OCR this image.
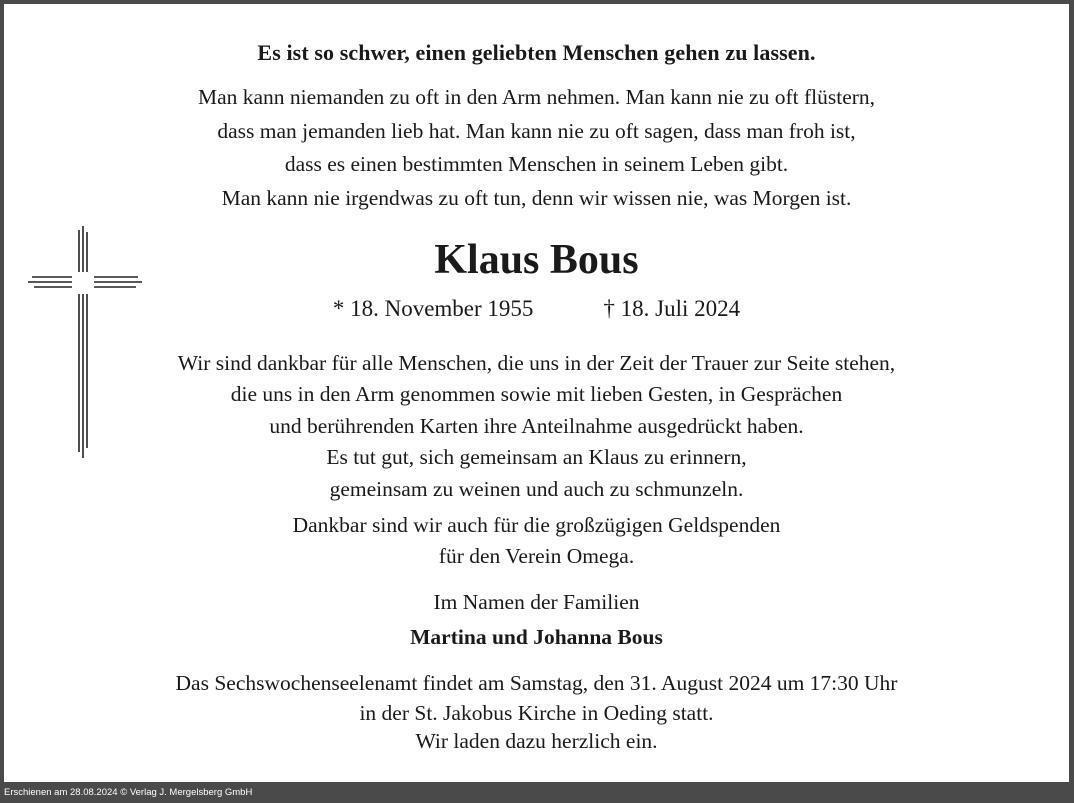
Es ist so schwer, einen geliebten Menschen gehen zu lassen.
Man kann niemanden zu oft in den Arm nehmen. Man kann nie zu oft flüstern,
dass man jemanden lieb hat. Man kann nie zu oft sagen, dass man froh ist,
dass es einen bestimmten Menschen in seinem Leben gibt.
Man kann nie irgendwas zu oft tun, denn wir wissen nie, was Morgen ist.
Klaus Bous
* 18. November 1955	† 18. Juli 2024
Wir sind dankbar für alle Menschen, die uns in der Zeit der Trauer zur Seite stehen,
die uns in den Arm genommen sowie mit lieben Gesten, in Gesprächen
und berührenden Karten ihre Anteilnahme ausgedrückt haben.
Es tut gut, sich gemeinsam an Klaus zu erinnern,
gemeinsam zu weinen und auch zu schmunzeln.
Dankbar sind wir auch für die großzügigen Geldspenden
für den Verein Omega.
Im Namen der Familien
Martina und Johanna Bous
Das Sechswochenseelenamt findet am Samstag, den 31. August 2024 um 17:30 Uhr
in der St. Jakobus Kirche in Oeding statt.
Wir laden dazu herzlich ein.
Erschienen am 28.08.2024 © Verlag J. Mergelsberg GmbH
